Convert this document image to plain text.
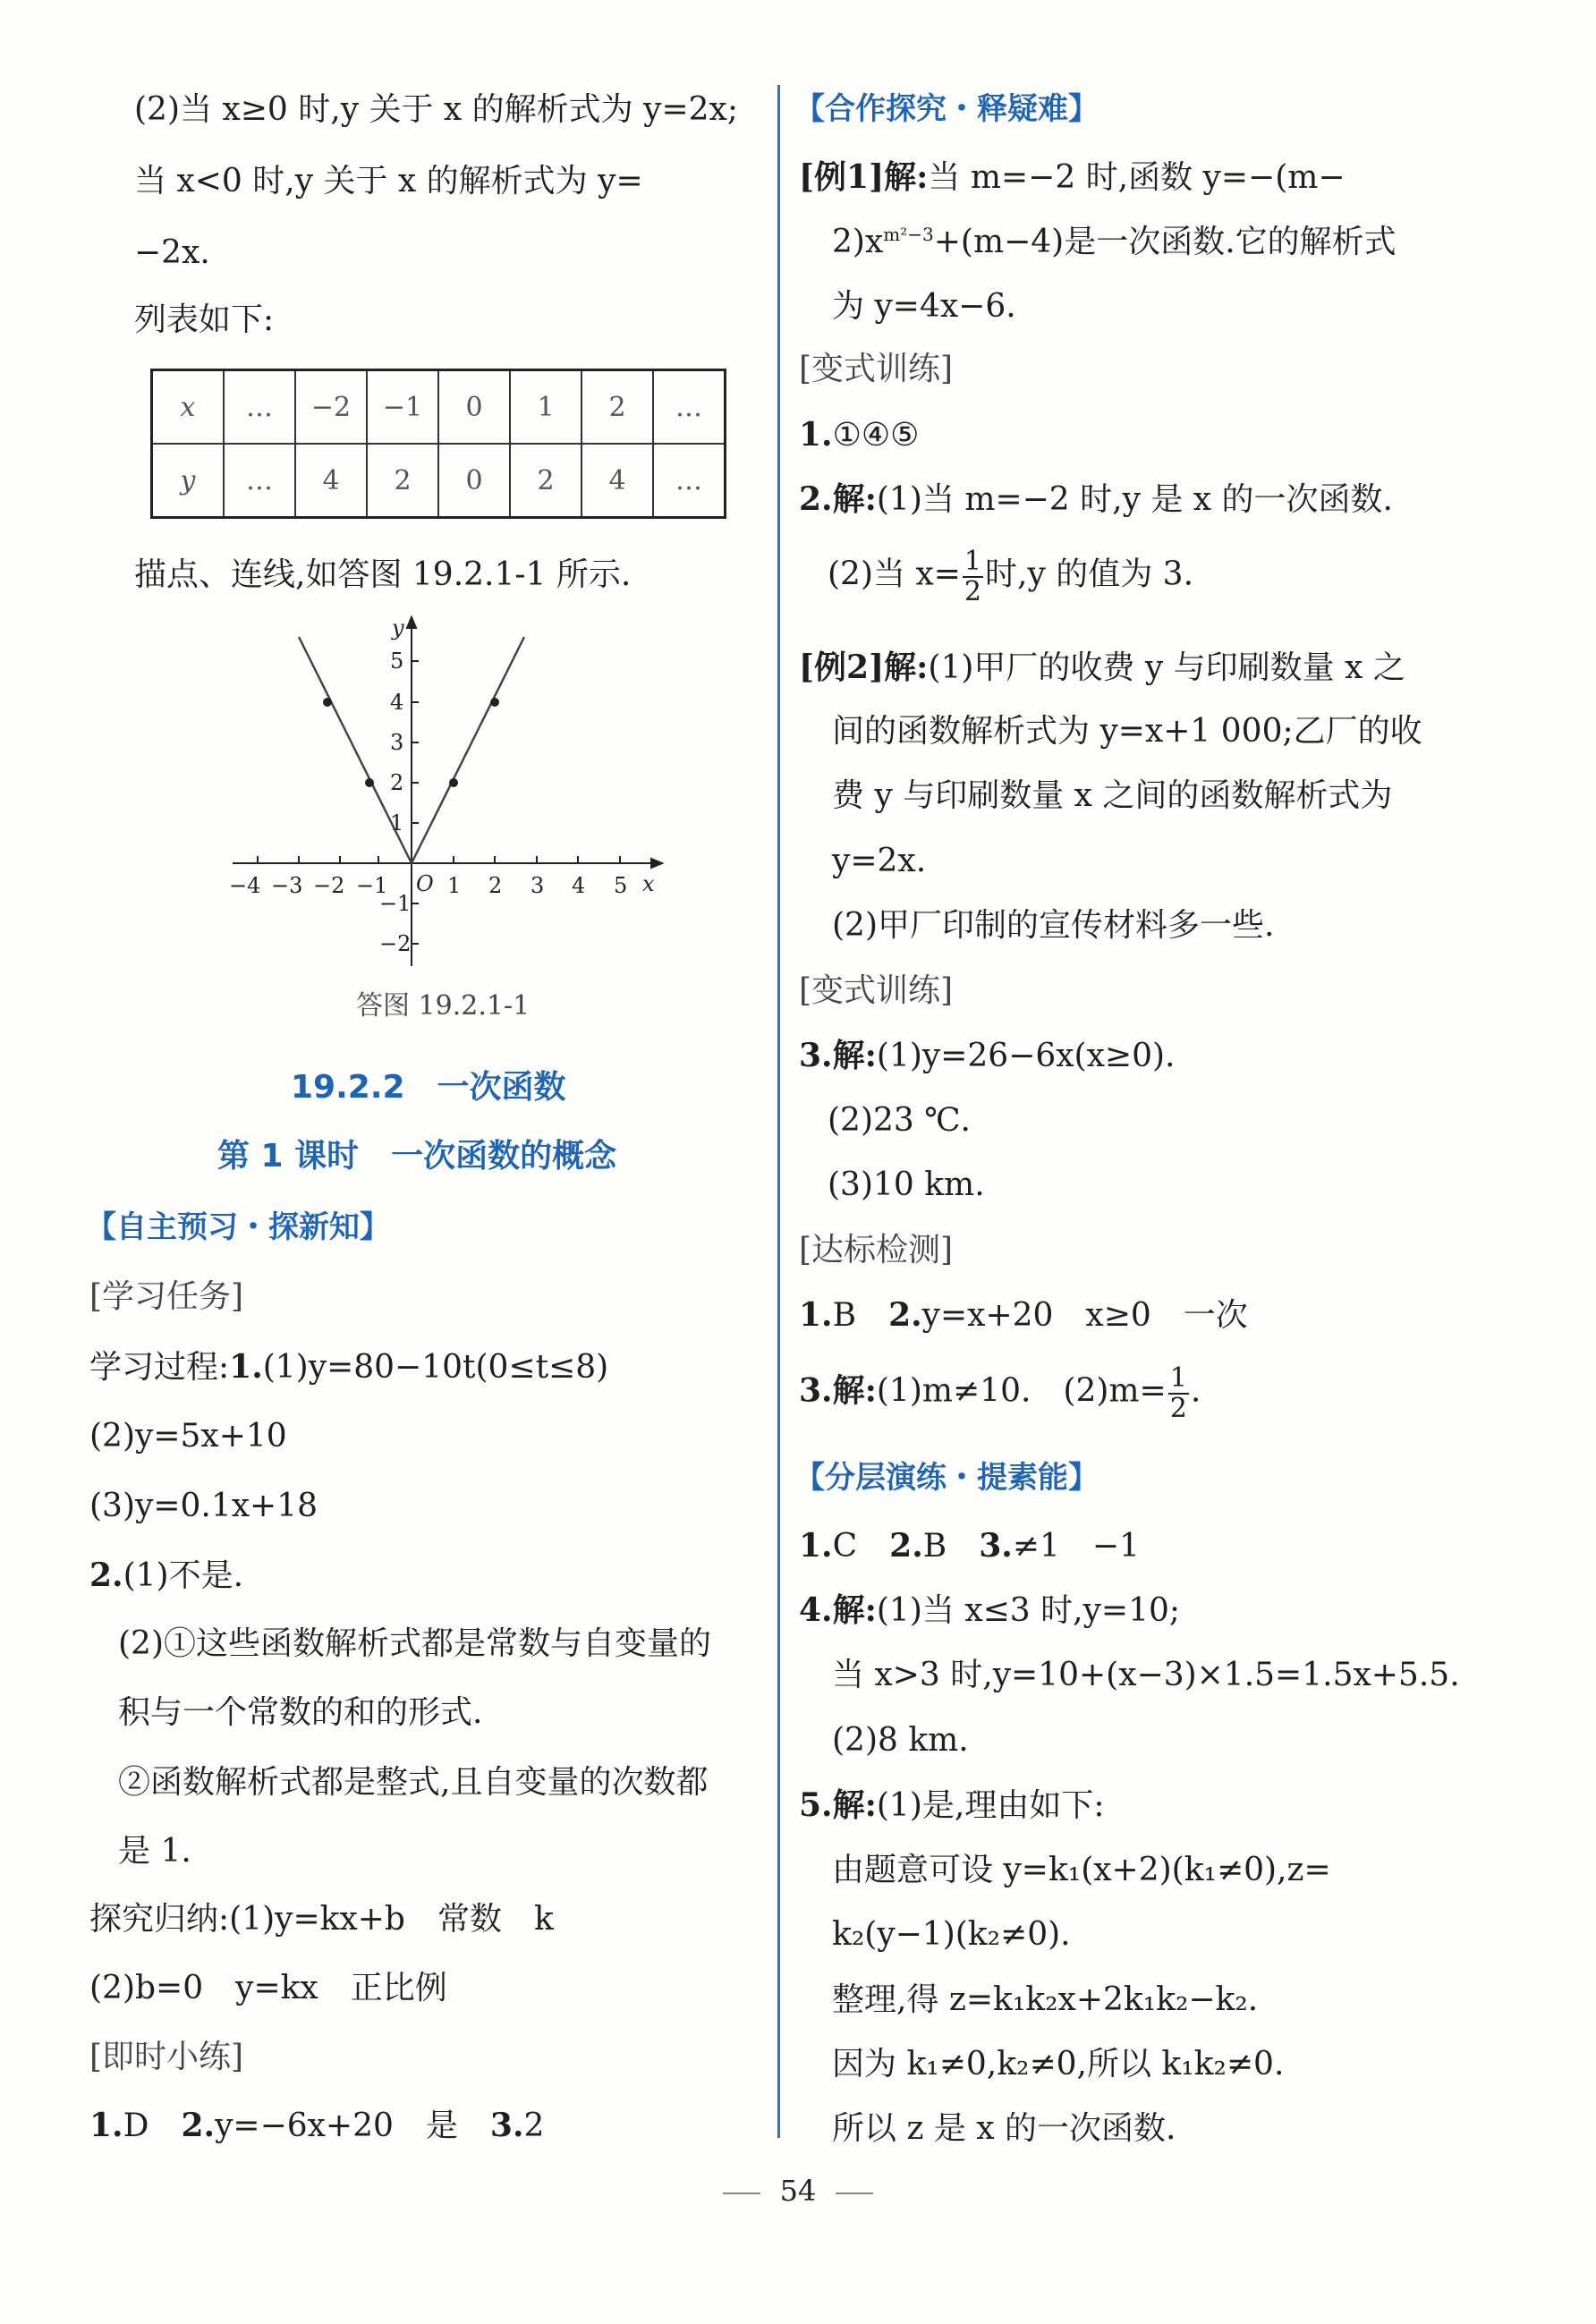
(2)当 x≥0 时,y 关于 x 的解析式为 y=2x;
当 x<0 时,y 关于 x 的解析式为 y=
−2x.
列表如下:
x	…	−2	−1	0	1	2	…
y	…	4	2	0	2	4	…
描点、连线,如答图 19.2.1-1 所示.
y
x
O
−4 −3 −2 −1	1 2 3 4 5
5
4
3
2
1
−1
−2
答图 19.2.1-1
19.2.2　一次函数
第 1 课时　一次函数的概念
【自主预习・探新知】
[学习任务]
学习过程:1.(1)y=80−10t(0≤t≤8)
(2)y=5x+10
(3)y=0.1x+18
2.(1)不是.
(2)①这些函数解析式都是常数与自变量的
积与一个常数的和的形式.
②函数解析式都是整式,且自变量的次数都
是 1.
探究归纳:(1)y=kx+b　常数　k
(2)b=0　y=kx　正比例
[即时小练]
1.D　2.y=−6x+20　是　3.2
【合作探究・释疑难】
[例1]解:当 m=−2 时,函数 y=−(m−
$2)x^{m^2-3}+(m-4)$是一次函数.它的解析式
为 y=4x−6.
[变式训练]
1.①④⑤
2.解:(1)当 m=−2 时,y 是 x 的一次函数.
(2)当 $x= \frac{1}{2}$ 时,y 的值为 3.
[例2]解:(1)甲厂的收费 y 与印刷数量 x 之
间的函数解析式为 y=x+1 000;乙厂的收
费 y 与印刷数量 x 之间的函数解析式为
y=2x.
(2)甲厂印制的宣传材料多一些.
[变式训练]
3.解:(1)y=26−6x(x≥0).
(2)23 ℃.
(3)10 km.
[达标检测]
1.B　2.y=x+20　x≥0　一次
3.解:(1)m≠10.　$(2)m= \frac{1}{2}$ .
【分层演练・提素能】
1.C　2.B　3.≠1　−1
4.解:(1)当 x≤3 时,y=10;
当 x>3 时,y=10+(x−3)×1.5=1.5x+5.5.
(2)8 km.
5.解:(1)是,理由如下:
由题意可设 y=k₁(x+2)(k₁≠0),z=
k₂(y−1)(k₂≠0).
整理,得 z=k₁k₂x+2k₁k₂−k₂.
因为 k₁≠0,k₂≠0,所以 k₁k₂≠0.
所以 z 是 x 的一次函数.
54
